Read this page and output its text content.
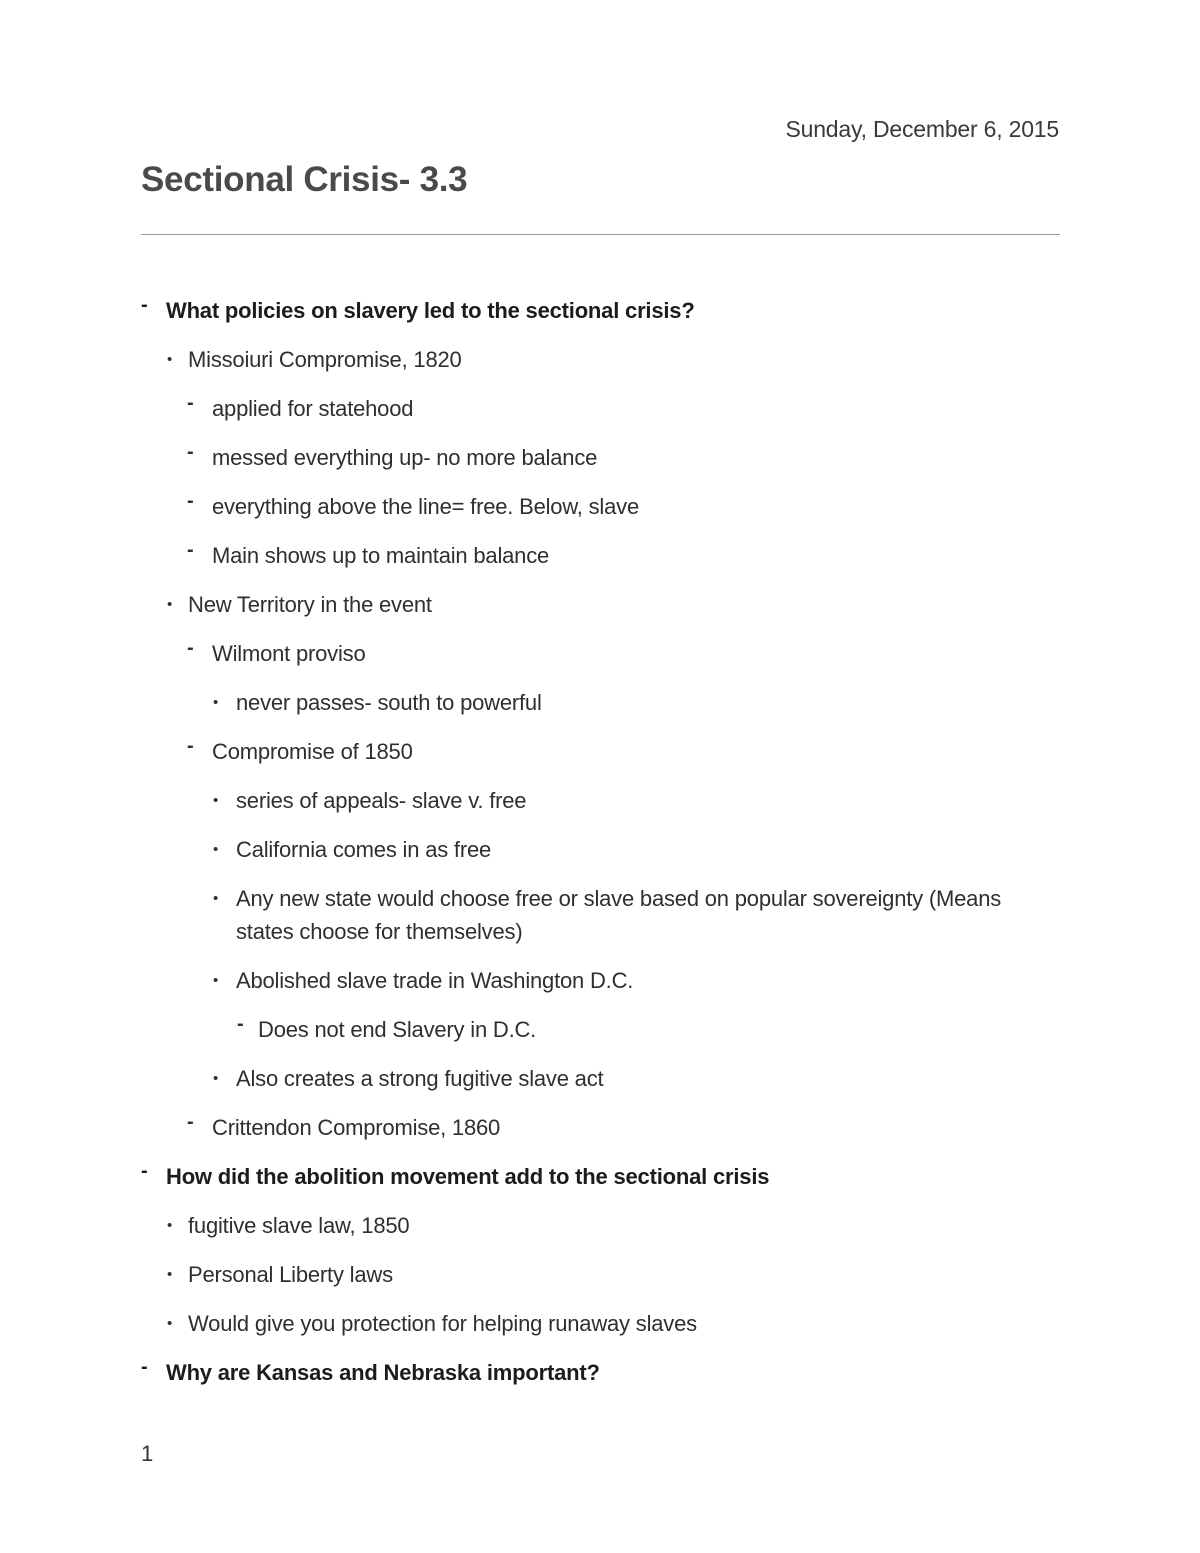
Sunday, December 6, 2015
Sectional Crisis- 3.3
- What policies on slavery led to the sectional crisis?
• Missoiuri Compromise, 1820
- applied for statehood
- messed everything up- no more balance
- everything above the line= free. Below, slave
- Main shows up to maintain balance
• New Territory in the event
- Wilmont proviso
• never passes- south to powerful
- Compromise of 1850
• series of appeals- slave v. free
• California comes in as free
• Any new state would choose free or slave based on popular sovereignty (Means states choose for themselves)
• Abolished slave trade in Washington D.C.
- Does not end Slavery in D.C.
• Also creates a strong fugitive slave act
- Crittendon Compromise, 1860
- How did the abolition movement add to the sectional crisis
• fugitive slave law, 1850
• Personal Liberty laws
• Would give you protection for helping runaway slaves
- Why are Kansas and Nebraska important?
1
